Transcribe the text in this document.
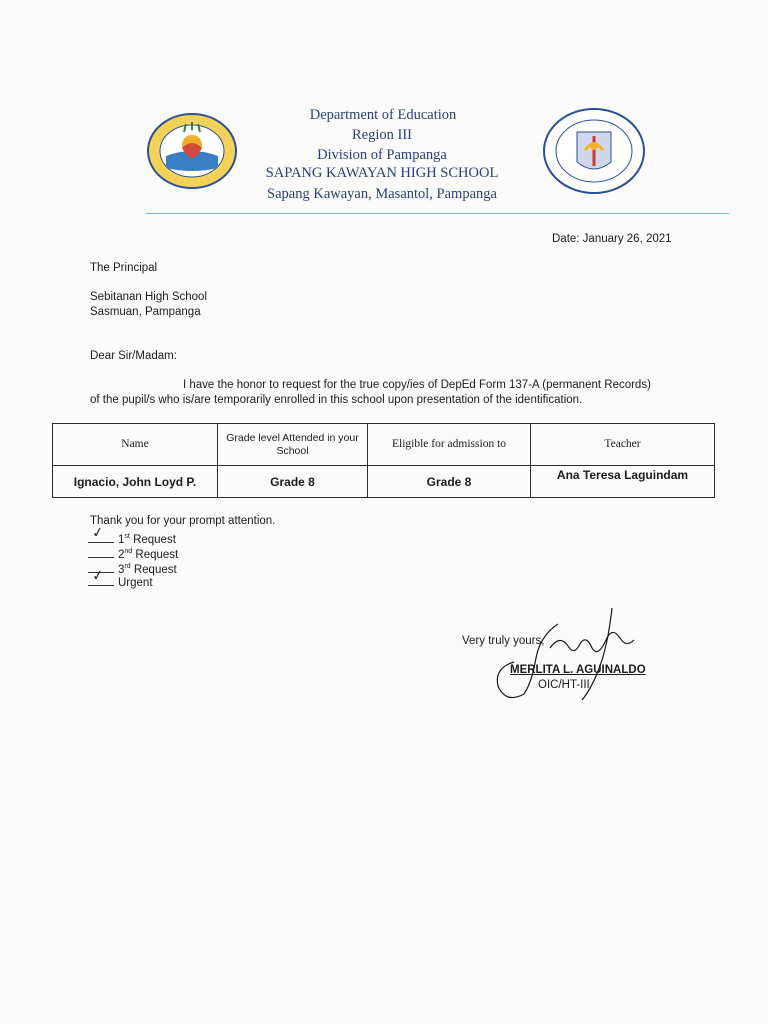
Department of Education
Region III
Division of Pampanga
SAPANG KAWAYAN HIGH SCHOOL
Sapang Kawayan, Masantol, Pampanga
Date: January 26, 2021
The Principal
Sebitanan High School
Sasmuan, Pampanga
Dear Sir/Madam:
I have the honor to request for the true copy/ies of DepEd Form 137-A (permanent Records)
of the pupil/s who is/are temporarily enrolled in this school upon presentation of the identification.
Name	Grade level Attended in your School	Eligible for admission to	Teacher
Ignacio, John Loyd P.	Grade 8	Grade 8	Ana Teresa Laguindam
Thank you for your prompt attention.
✓ 1st Request
2nd Request
3rd Request
✓ Urgent
Very truly yours,
MERLITA L. AGUINALDO
OIC/HT-III
